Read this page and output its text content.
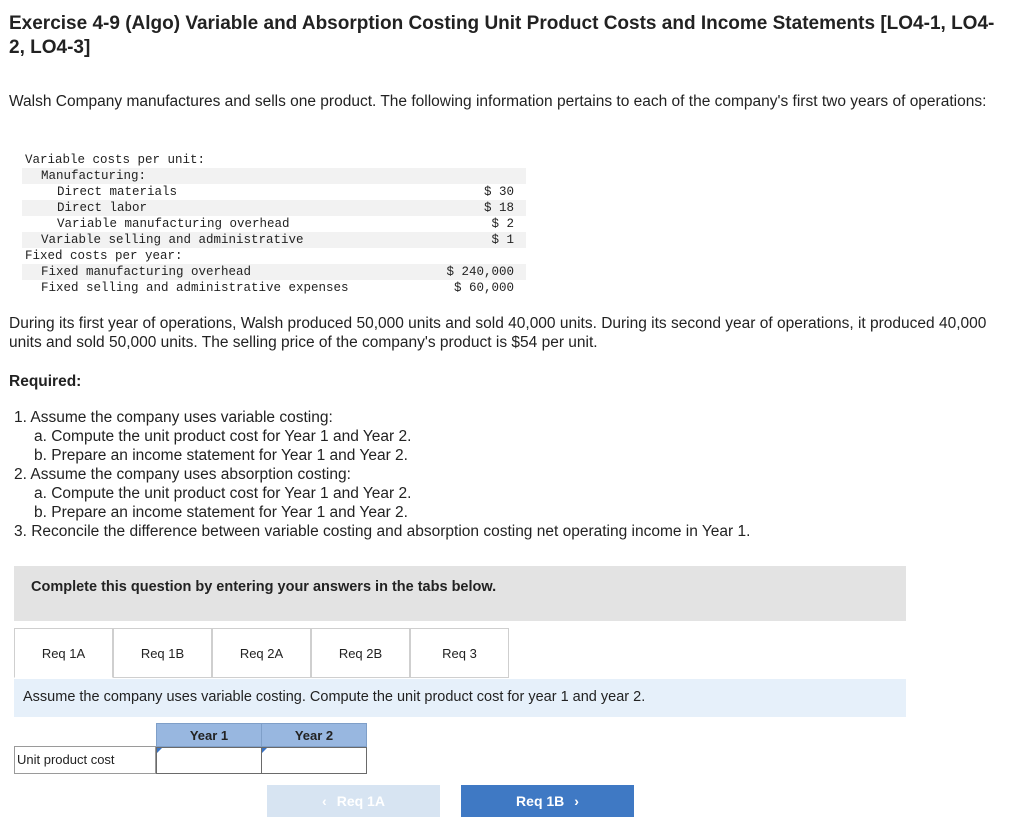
Exercise 4-9 (Algo) Variable and Absorption Costing Unit Product Costs and Income Statements [LO4-1, LO4-2, LO4-3]
Walsh Company manufactures and sells one product. The following information pertains to each of the company's first two years of operations:
Variable costs per unit:
Manufacturing:
Direct materials	$ 30
Direct labor	$ 18
Variable manufacturing overhead	$ 2
Variable selling and administrative	$ 1
Fixed costs per year:
Fixed manufacturing overhead	$ 240,000
Fixed selling and administrative expenses	$ 60,000
During its first year of operations, Walsh produced 50,000 units and sold 40,000 units. During its second year of operations, it produced 40,000 units and sold 50,000 units. The selling price of the company's product is $54 per unit.
Required:
1. Assume the company uses variable costing:
a. Compute the unit product cost for Year 1 and Year 2.
b. Prepare an income statement for Year 1 and Year 2.
2. Assume the company uses absorption costing:
a. Compute the unit product cost for Year 1 and Year 2.
b. Prepare an income statement for Year 1 and Year 2.
3. Reconcile the difference between variable costing and absorption costing net operating income in Year 1.
Complete this question by entering your answers in the tabs below.
Req 1A	Req 1B	Req 2A	Req 2B	Req 3
Assume the company uses variable costing. Compute the unit product cost for year 1 and year 2.
Year 1	Year 2
Unit product cost
‹ Req 1A	Req 1B ›
